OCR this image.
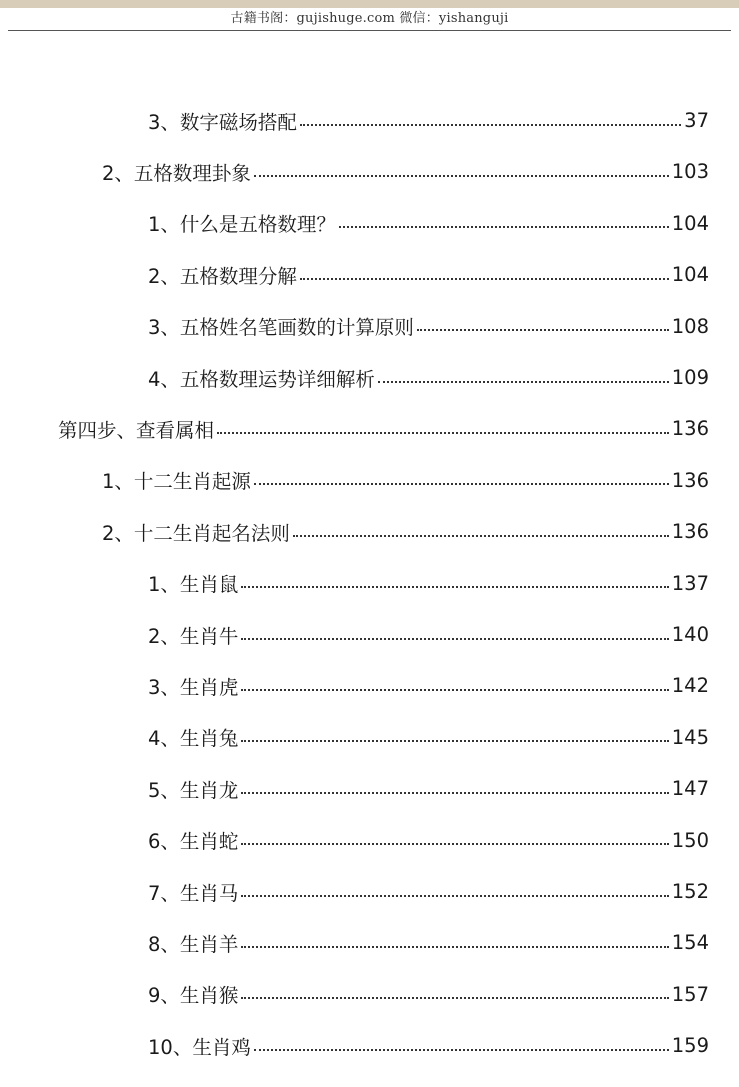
古籍书阁：gujishuge.com 微信：yishanguji
3、数字磁场搭配	37
2、五格数理卦象	103
1、什么是五格数理？	104
2、五格数理分解	104
3、五格姓名笔画数的计算原则	108
4、五格数理运势详细解析	109
第四步、查看属相	136
1、十二生肖起源	136
2、十二生肖起名法则	136
1、生肖鼠	137
2、生肖牛	140
3、生肖虎	142
4、生肖兔	145
5、生肖龙	147
6、生肖蛇	150
7、生肖马	152
8、生肖羊	154
9、生肖猴	157
10、生肖鸡	159
